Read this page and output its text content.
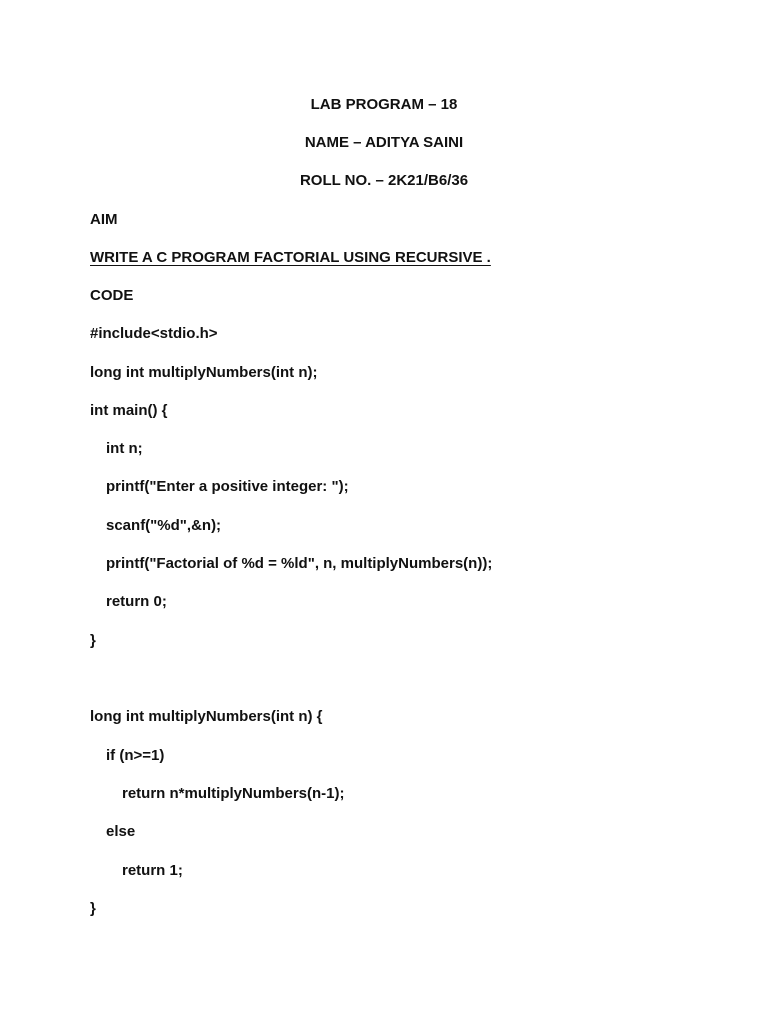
LAB PROGRAM – 18
NAME – ADITYA SAINI
ROLL NO. – 2K21/B6/36
AIM
WRITE A C PROGRAM FACTORIAL USING RECURSIVE .
CODE
#include<stdio.h>
long int multiplyNumbers(int n);
int main() {
int n;
printf("Enter a positive integer: ");
scanf("%d",&n);
printf("Factorial of %d = %ld", n, multiplyNumbers(n));
return 0;
}
long int multiplyNumbers(int n) {
if (n>=1)
return n*multiplyNumbers(n-1);
else
return 1;
}
